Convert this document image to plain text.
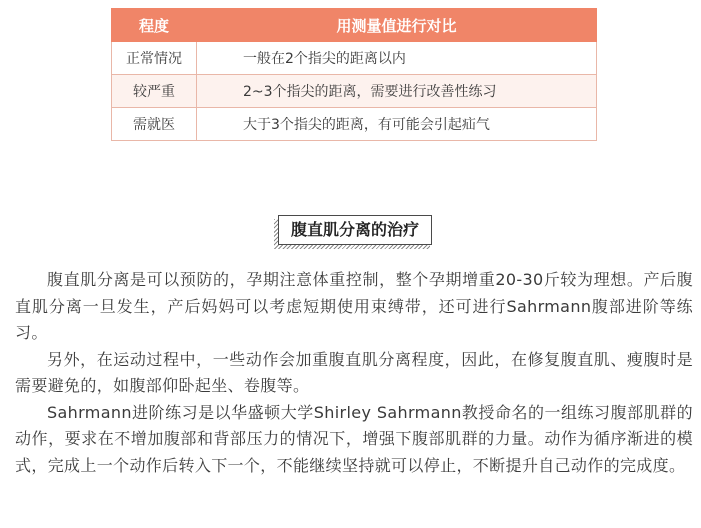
程度	用测量值进行对比
正常情况	一般在2个指尖的距离以内
较严重	2~3个指尖的距离，需要进行改善性练习
需就医	大于3个指尖的距离，有可能会引起疝气
腹直肌分离的治疗

腹直肌分离是可以预防的，孕期注意体重控制，整个孕期增重20-30斤较为理想。产后腹直肌分离一旦发生，产后妈妈可以考虑短期使用束缚带，还可进行Sahrmann腹部进阶等练习。

另外，在运动过程中，一些动作会加重腹直肌分离程度，因此，在修复腹直肌、瘦腹时是需要避免的，如腹部仰卧起坐、卷腹等。

Sahrmann进阶练习是以华盛顿大学Shirley Sahrmann教授命名的一组练习腹部肌群的动作，要求在不增加腹部和背部压力的情况下，增强下腹部肌群的力量。动作为循序渐进的模式，完成上一个动作后转入下一个，不能继续坚持就可以停止，不断提升自己动作的完成度。
